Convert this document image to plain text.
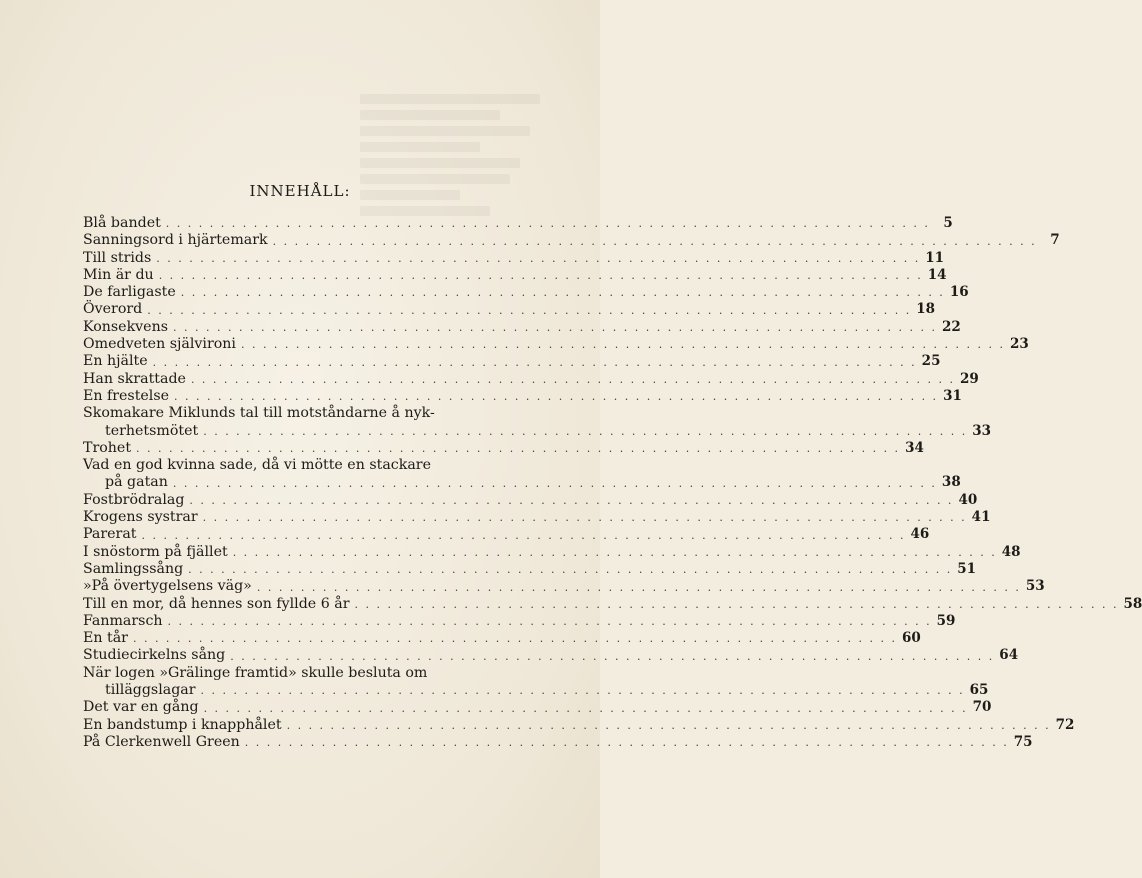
INNEHÅLL:
Blå bandet . . . . . . . . . . . . . . . . . . . . . . . . . . . . . . . . . . . . . . . . . . . . . . . . . . . . . . . . . . . . . . . . . . . . . .	5
Sanningsord i hjärtemark . . . . . . . . . . . . . . . . . . . . . . . . . . . . . . . . . . . . . . . . . . . . . . . . . . . . . . . . . . . . . . . . . . . . . .	7
Till strids . . . . . . . . . . . . . . . . . . . . . . . . . . . . . . . . . . . . . . . . . . . . . . . . . . . . . . . . . . . . . . . . . . . . . . 11
Min är du . . . . . . . . . . . . . . . . . . . . . . . . . . . . . . . . . . . . . . . . . . . . . . . . . . . . . . . . . . . . . . . . . . . . . . 14
De farligaste . . . . . . . . . . . . . . . . . . . . . . . . . . . . . . . . . . . . . . . . . . . . . . . . . . . . . . . . . . . . . . . . . . . . . . 16
Överord . . . . . . . . . . . . . . . . . . . . . . . . . . . . . . . . . . . . . . . . . . . . . . . . . . . . . . . . . . . . . . . . . . . . . . 18
Konsekvens . . . . . . . . . . . . . . . . . . . . . . . . . . . . . . . . . . . . . . . . . . . . . . . . . . . . . . . . . . . . . . . . . . . . . . 22
Omedveten självironi . . . . . . . . . . . . . . . . . . . . . . . . . . . . . . . . . . . . . . . . . . . . . . . . . . . . . . . . . . . . . . . . . . . . . . 23
En hjälte . . . . . . . . . . . . . . . . . . . . . . . . . . . . . . . . . . . . . . . . . . . . . . . . . . . . . . . . . . . . . . . . . . . . . . 25
Han skrattade . . . . . . . . . . . . . . . . . . . . . . . . . . . . . . . . . . . . . . . . . . . . . . . . . . . . . . . . . . . . . . . . . . . . . . 29
En frestelse . . . . . . . . . . . . . . . . . . . . . . . . . . . . . . . . . . . . . . . . . . . . . . . . . . . . . . . . . . . . . . . . . . . . . . 31
Skomakare Miklunds tal till motståndarne å nyk-
terhetsmötet . . . . . . . . . . . . . . . . . . . . . . . . . . . . . . . . . . . . . . . . . . . . . . . . . . . . . . . . . . . . . . . . . . . . . . 33
Trohet . . . . . . . . . . . . . . . . . . . . . . . . . . . . . . . . . . . . . . . . . . . . . . . . . . . . . . . . . . . . . . . . . . . . . . 34
Vad en god kvinna sade, då vi mötte en stackare
på gatan . . . . . . . . . . . . . . . . . . . . . . . . . . . . . . . . . . . . . . . . . . . . . . . . . . . . . . . . . . . . . . . . . . . . . . 38
Fostbrödralag . . . . . . . . . . . . . . . . . . . . . . . . . . . . . . . . . . . . . . . . . . . . . . . . . . . . . . . . . . . . . . . . . . . . . . 40
Krogens systrar . . . . . . . . . . . . . . . . . . . . . . . . . . . . . . . . . . . . . . . . . . . . . . . . . . . . . . . . . . . . . . . . . . . . . . 41
Parerat . . . . . . . . . . . . . . . . . . . . . . . . . . . . . . . . . . . . . . . . . . . . . . . . . . . . . . . . . . . . . . . . . . . . . . 46
I snöstorm på fjället . . . . . . . . . . . . . . . . . . . . . . . . . . . . . . . . . . . . . . . . . . . . . . . . . . . . . . . . . . . . . . . . . . . . . . 48
Samlingssång . . . . . . . . . . . . . . . . . . . . . . . . . . . . . . . . . . . . . . . . . . . . . . . . . . . . . . . . . . . . . . . . . . . . . . 51
»På övertygelsens väg» . . . . . . . . . . . . . . . . . . . . . . . . . . . . . . . . . . . . . . . . . . . . . . . . . . . . . . . . . . . . . . . . . . . . . . 53
Till en mor, då hennes son fyllde 6 år . . . . . . . . . . . . . . . . . . . . . . . . . . . . . . . . . . . . . . . . . . . . . . . . . . . . . . . . . . . . . . . . . . . . . . 58
Fanmarsch . . . . . . . . . . . . . . . . . . . . . . . . . . . . . . . . . . . . . . . . . . . . . . . . . . . . . . . . . . . . . . . . . . . . . . 59
En tår . . . . . . . . . . . . . . . . . . . . . . . . . . . . . . . . . . . . . . . . . . . . . . . . . . . . . . . . . . . . . . . . . . . . . . 60
Studiecirkelns sång . . . . . . . . . . . . . . . . . . . . . . . . . . . . . . . . . . . . . . . . . . . . . . . . . . . . . . . . . . . . . . . . . . . . . . 64
När logen »Grälinge framtid» skulle besluta om
tilläggslagar . . . . . . . . . . . . . . . . . . . . . . . . . . . . . . . . . . . . . . . . . . . . . . . . . . . . . . . . . . . . . . . . . . . . . . 65
Det var en gång . . . . . . . . . . . . . . . . . . . . . . . . . . . . . . . . . . . . . . . . . . . . . . . . . . . . . . . . . . . . . . . . . . . . . . 70
En bandstump i knapphålet . . . . . . . . . . . . . . . . . . . . . . . . . . . . . . . . . . . . . . . . . . . . . . . . . . . . . . . . . . . . . . . . . . . . . . 72
På Clerkenwell Green . . . . . . . . . . . . . . . . . . . . . . . . . . . . . . . . . . . . . . . . . . . . . . . . . . . . . . . . . . . . . . . . . . . . . . 75
